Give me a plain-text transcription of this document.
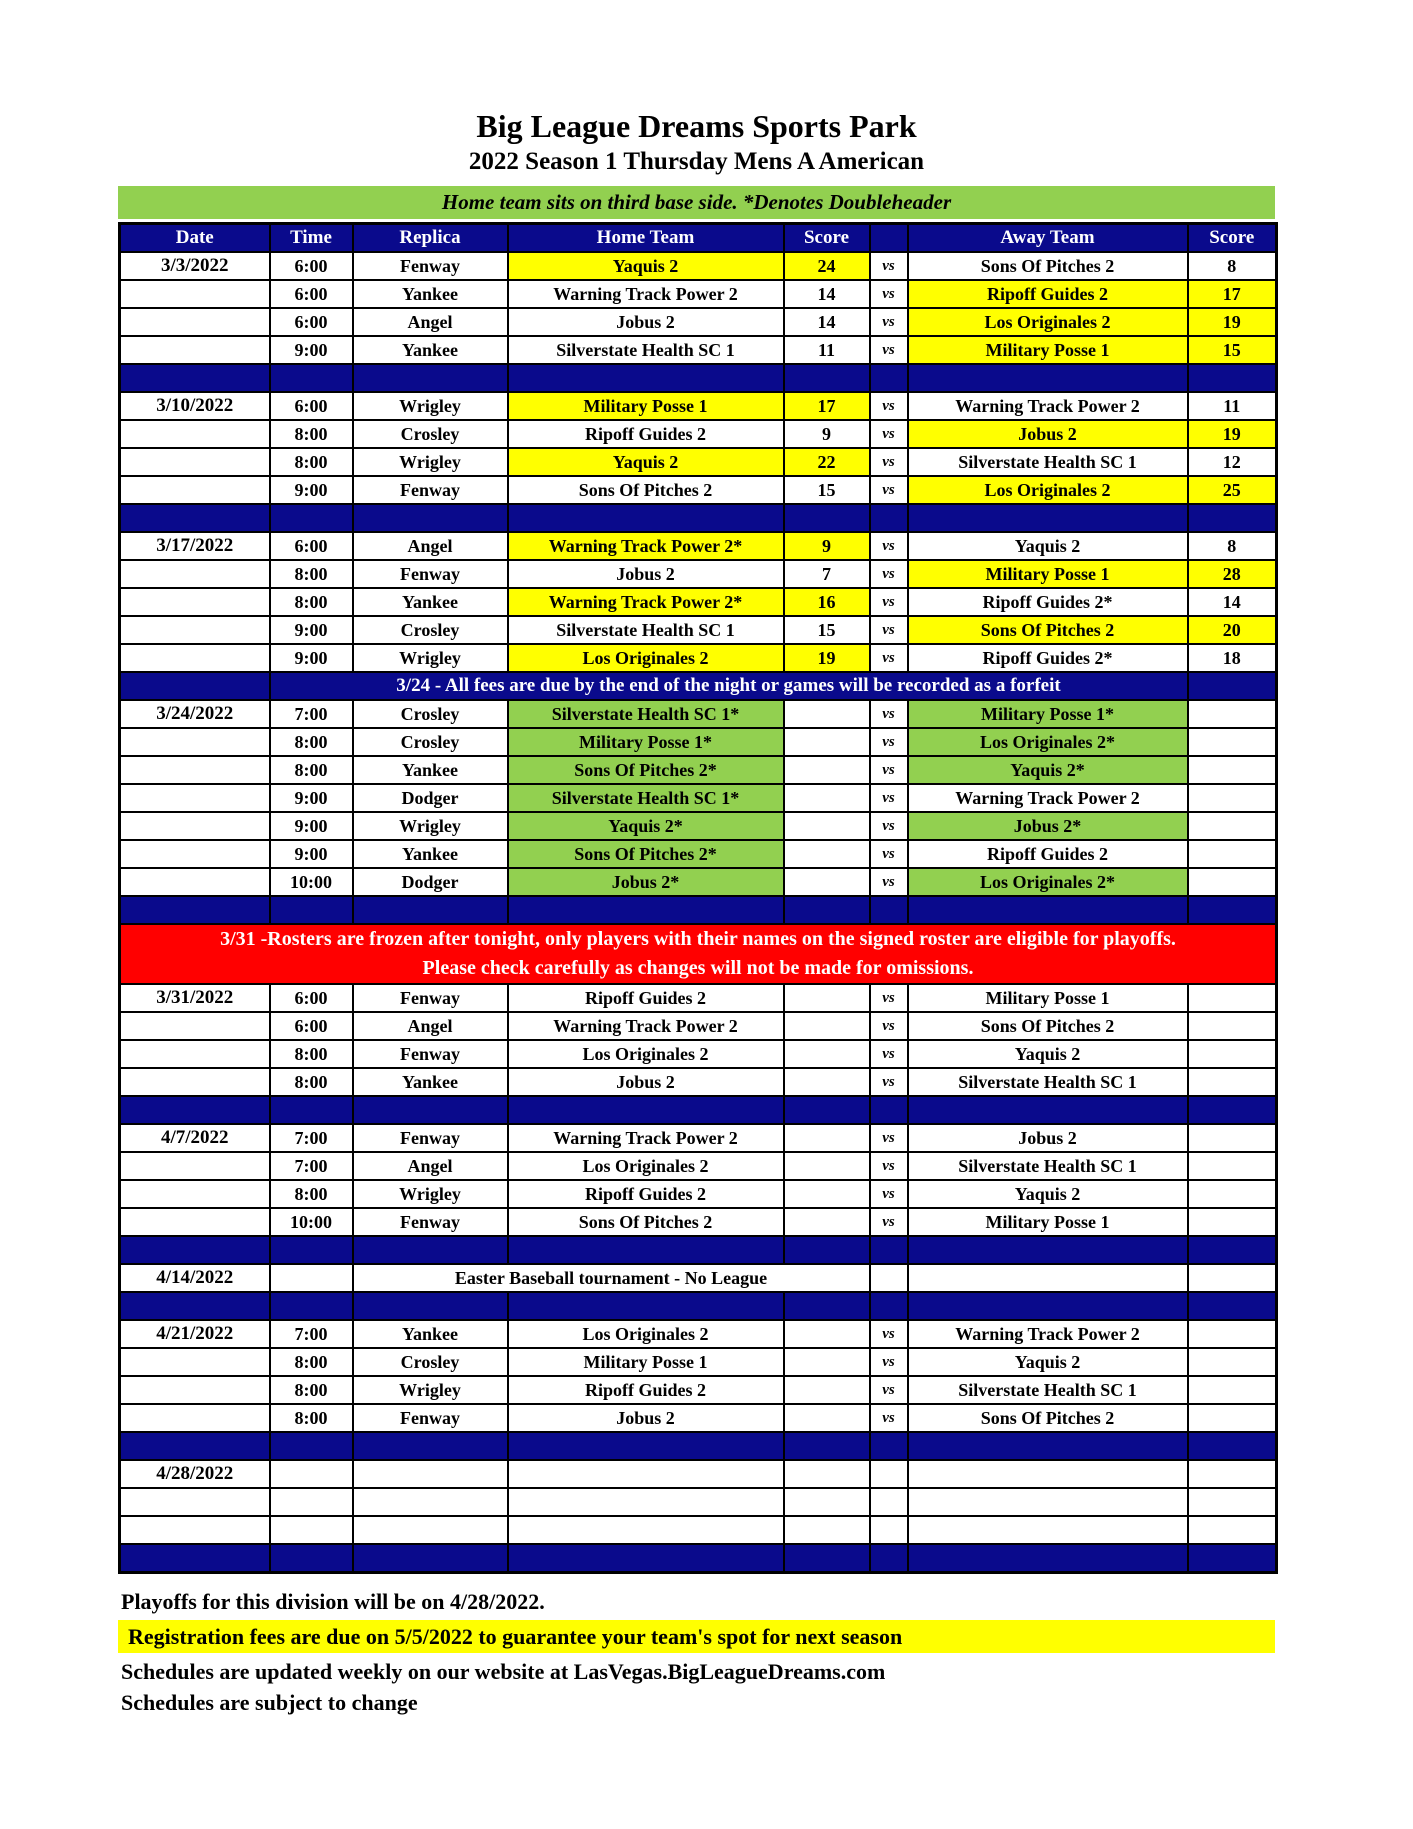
Big League Dreams Sports Park
2022 Season 1 Thursday Mens A American
Home team sits on third base side. *Denotes Doubleheader
Date	Time	Replica	Home Team	Score		Away Team	Score
3/3/2022	6:00	Fenway	Yaquis 2	24	vs	Sons Of Pitches 2	8
	6:00	Yankee	Warning Track Power 2	14	vs	Ripoff Guides 2	17
	6:00	Angel	Jobus 2	14	vs	Los Originales 2	19
	9:00	Yankee	Silverstate Health SC 1	11	vs	Military Posse 1	15

3/10/2022	6:00	Wrigley	Military Posse 1	17	vs	Warning Track Power 2	11
	8:00	Crosley	Ripoff Guides 2	9	vs	Jobus 2	19
	8:00	Wrigley	Yaquis 2	22	vs	Silverstate Health SC 1	12
	9:00	Fenway	Sons Of Pitches 2	15	vs	Los Originales 2	25

3/17/2022	6:00	Angel	Warning Track Power 2*	9	vs	Yaquis 2	8
	8:00	Fenway	Jobus 2	7	vs	Military Posse 1	28
	8:00	Yankee	Warning Track Power 2*	16	vs	Ripoff Guides 2*	14
	9:00	Crosley	Silverstate Health SC 1	15	vs	Sons Of Pitches 2	20
	9:00	Wrigley	Los Originales 2	19	vs	Ripoff Guides 2*	18
	3/24 - All fees are due by the end of the night or games will be recorded as a forfeit						
3/24/2022	7:00	Crosley	Silverstate Health SC 1*		vs	Military Posse 1*	
	8:00	Crosley	Military Posse 1*		vs	Los Originales 2*	
	8:00	Yankee	Sons Of Pitches 2*		vs	Yaquis 2*	
	9:00	Dodger	Silverstate Health SC 1*		vs	Warning Track Power 2	
	9:00	Wrigley	Yaquis 2*		vs	Jobus 2*	
	9:00	Yankee	Sons Of Pitches 2*		vs	Ripoff Guides 2	
	10:00	Dodger	Jobus 2*		vs	Los Originales 2*	

3/31 -Rosters are frozen after tonight, only players with their names on the signed roster are eligible for playoffs.
Please check carefully as changes will not be made for omissions.							

3/31/2022	6:00	Fenway	Ripoff Guides 2		vs	Military Posse 1	
	6:00	Angel	Warning Track Power 2		vs	Sons Of Pitches 2	
	8:00	Fenway	Los Originales 2		vs	Yaquis 2	
	8:00	Yankee	Jobus 2		vs	Silverstate Health SC 1	

4/7/2022	7:00	Fenway	Warning Track Power 2		vs	Jobus 2	
	7:00	Angel	Los Originales 2		vs	Silverstate Health SC 1	
	8:00	Wrigley	Ripoff Guides 2		vs	Yaquis 2	
	10:00	Fenway	Sons Of Pitches 2		vs	Military Posse 1	

4/14/2022		Easter Baseball tournament - No League					

4/21/2022	7:00	Yankee	Los Originales 2		vs	Warning Track Power 2	
	8:00	Crosley	Military Posse 1		vs	Yaquis 2	
	8:00	Wrigley	Ripoff Guides 2		vs	Silverstate Health SC 1	
	8:00	Fenway	Jobus 2		vs	Sons Of Pitches 2	

4/28/2022							

Playoffs for this division will be on 4/28/2022.
Registration fees are due on 5/5/2022 to guarantee your team's spot for next season
Schedules are updated weekly on our website at LasVegas.BigLeagueDreams.com
Schedules are subject to change
